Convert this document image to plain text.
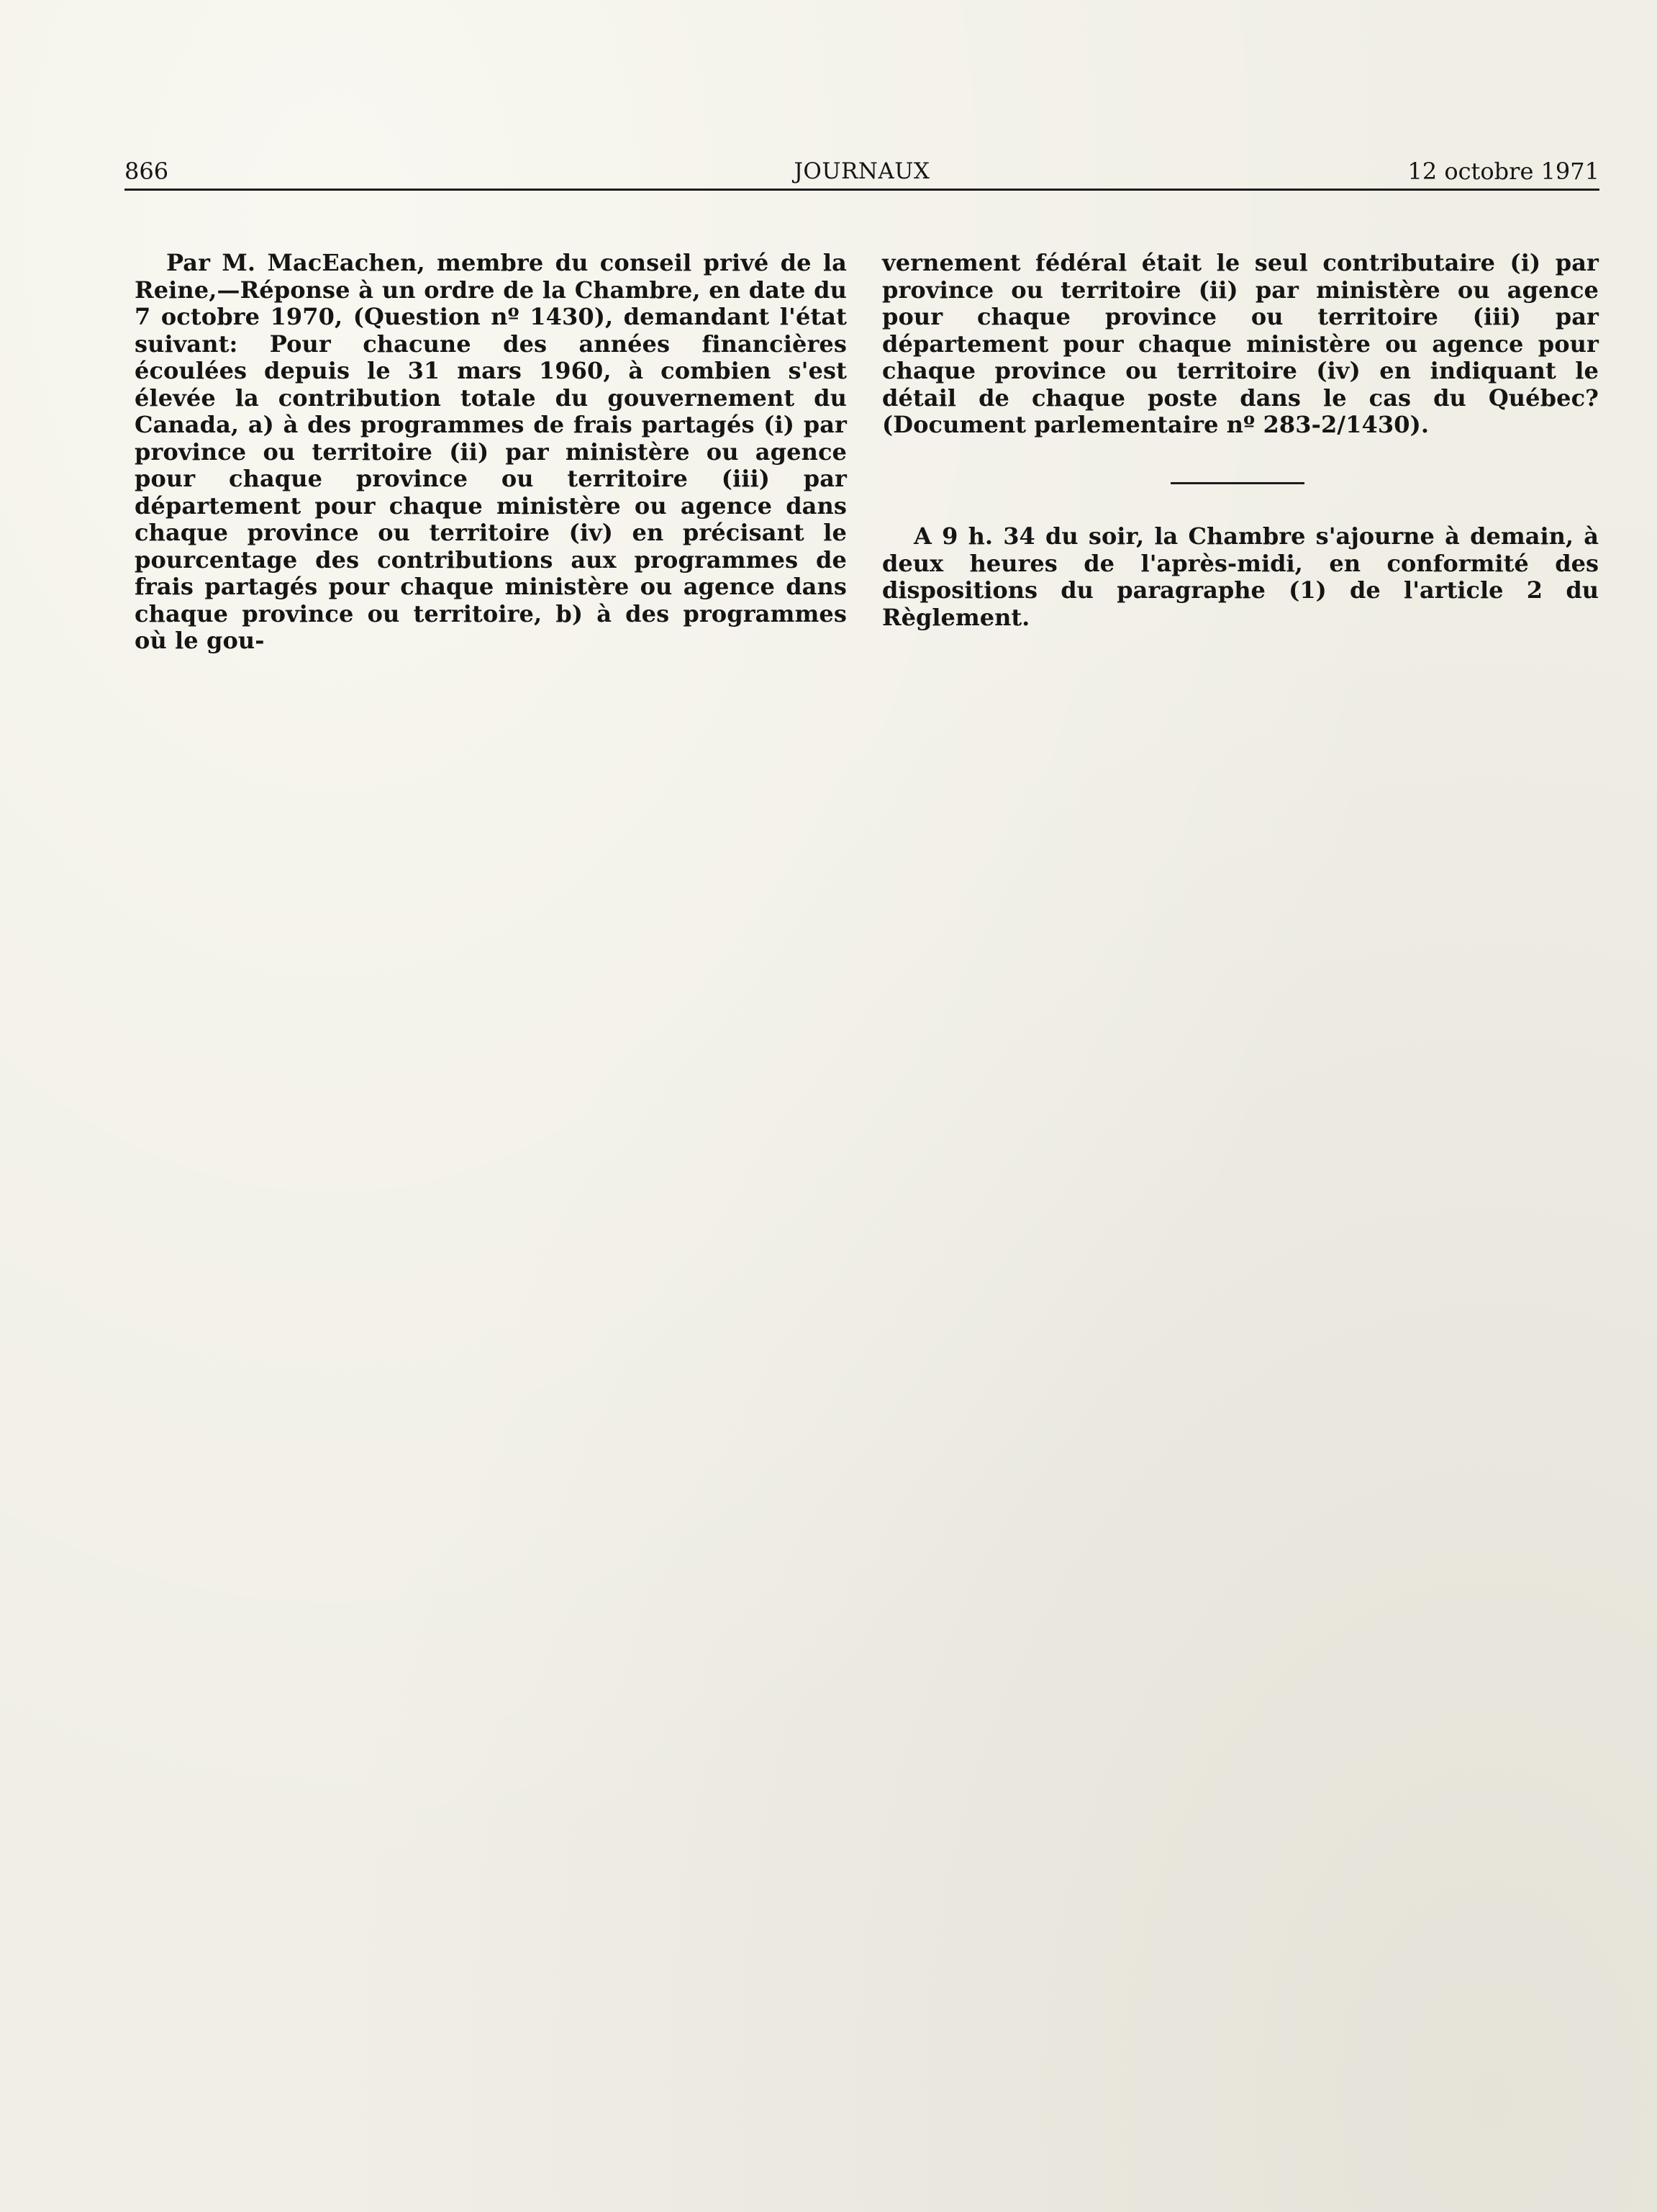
866	JOURNAUX	12 octobre 1971

Par M. MacEachen, membre du conseil privé de la Reine,—Réponse à un ordre de la Chambre, en date du 7 octobre 1970, (Question nº 1430), demandant l'état suivant: Pour chacune des années financières écoulées depuis le 31 mars 1960, à combien s'est élevée la contribution totale du gouvernement du Canada, a) à des programmes de frais partagés (i) par province ou territoire (ii) par ministère ou agence pour chaque province ou territoire (iii) par département pour chaque ministère ou agence dans chaque province ou territoire (iv) en précisant le pourcentage des contributions aux programmes de frais partagés pour chaque ministère ou agence dans chaque province ou territoire, b) à des programmes où le gou-

vernement fédéral était le seul contributaire (i) par province ou territoire (ii) par ministère ou agence pour chaque province ou territoire (iii) par département pour chaque ministère ou agence pour chaque province ou territoire (iv) en indiquant le détail de chaque poste dans le cas du Québec? (Document parlementaire nº 283-2/1430).

A 9 h. 34 du soir, la Chambre s'ajourne à demain, à deux heures de l'après-midi, en conformité des dispositions du paragraphe (1) de l'article 2 du Règlement.
